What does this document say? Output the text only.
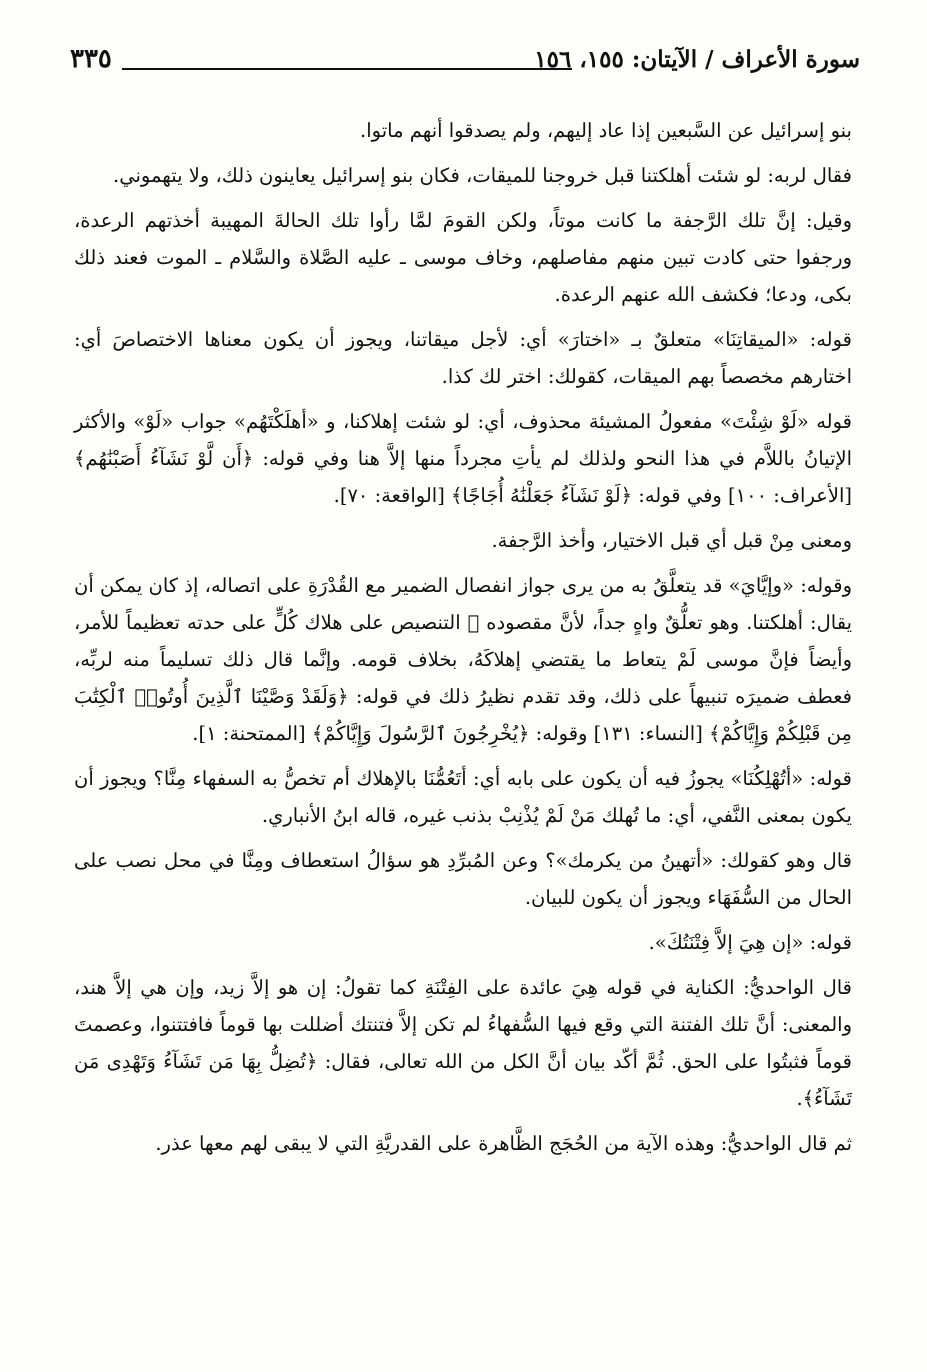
سورة الأعراف / الآيتان: ١٥٥، ١٥٦
٣٣٥

بنو إسرائيل عن السَّبعين إذا عاد إليهم، ولم يصدقوا أنهم ماتوا.

فقال لربه: لو شئت أهلكتنا قبل خروجنا للميقات، فكان بنو إسرائيل يعاينون ذلك، ولا يتهموني.

وقيل: إنَّ تلك الرَّجفة ما كانت موتاً، ولكن القومَ لمَّا رأوا تلك الحالةَ المهيبة أخذتهم الرعدة، ورجفوا حتى كادت تبين منهم مفاصلهم، وخاف موسى ـ عليه الصَّلاة والسَّلام ـ الموت فعند ذلك بكى، ودعا؛ فكشف الله عنهم الرعدة.

قوله: «الميقاتِنَا» متعلقٌ بـ «اختارَ» أي: لأجل ميقاتنا، ويجوز أن يكون معناها الاختصاصَ أي: اختارهم مخصصاً بهم الميقات، كقولك: اختر لك كذا.

قوله «لَوْ شِئْتَ» مفعولُ المشيئة محذوف، أي: لو شئت إهلاكنا، و «أهلَكْتَهُم» جواب «لَوْ» والأكثر الإتيانُ باللاَّم في هذا النحو ولذلك لم يأتِ مجرداً منها إلاَّ هنا وفي قوله: ﴿أَن لَّوْ نَشَآءُ أَصَبْنَٰهُم﴾ [الأعراف: ١٠٠] وفي قوله: ﴿لَوْ نَشَآءُ جَعَلْنَٰهُ أُجَاجًا﴾ [الواقعة: ٧٠].

ومعنى مِنْ قبل أي قبل الاختيار، وأخذ الرَّجفة.

وقوله: «وإيَّايَ» قد يتعلَّقُ به من يرى جواز انفصال الضمير مع القُدْرَةِ على اتصاله، إذ كان يمكن أن يقال: أهلكتنا. وهو تعلُّقٌ واهٍ جداً، لأنَّ مقصوده ﷺ التنصيص على هلاك كُلٍّ على حدته تعظيماً للأمر، وأيضاً فإنَّ موسى لَمْ يتعاط ما يقتضي إهلاكَهُ، بخلاف قومه. وإنَّما قال ذلك تسليماً منه لربِّه، فعطف ضميرَه تنبيهاً على ذلك، وقد تقدم نظيرُ ذلك في قوله: ﴿وَلَقَدْ وَصَّيْنَا ٱلَّذِينَ أُوتُوا۟ ٱلْكِتَٰبَ مِن قَبْلِكُمْ وَإِيَّاكُمْ﴾ [النساء: ١٣١] وقوله: ﴿يُخْرِجُونَ ٱلرَّسُولَ وَإِيَّاكُمْ﴾ [الممتحنة: ١].

قوله: «أتُهْلِكُنَا» يجوزُ فيه أن يكون على بابه أي: أتَعُمُّنَا بالإهلاك أم تخصُّ به السفهاء مِنَّا؟ ويجوز أن يكون بمعنى النَّفي، أي: ما تُهلك مَنْ لَمْ يُذْنِبْ بذنب غيره، قاله ابنُ الأنباري.

قال وهو كقولك: «أتهينُ من يكرمك»؟ وعن المُبرِّدِ هو سؤالُ استعطاف ومِنَّا في محل نصب على الحال من السُّفَهَاء ويجوز أن يكون للبيان.

قوله: «إن هِيَ إلاَّ فِتْنَتُكَ».

قال الواحديُّ: الكناية في قوله هِيَ عائدة على الفِتْنَةِ كما تقولُ: إن هو إلاَّ زيد، وإن هي إلاَّ هند، والمعنى: أنَّ تلك الفتنة التي وقع فيها السُّفهاءُ لم تكن إلاَّ فتنتك أضللت بها قوماً فافتتنوا، وعصمتَ قوماً فثبتُوا على الحق. ثُمَّ أكّد بيان أنَّ الكل من الله تعالى، فقال: ﴿تُضِلُّ بِهَا مَن تَشَآءُ وَتَهْدِى مَن تَشَآءُ﴾.

ثم قال الواحديُّ: وهذه الآية من الحُجَج الظَّاهرة على القدريَّةِ التي لا يبقى لهم معها عذر.
